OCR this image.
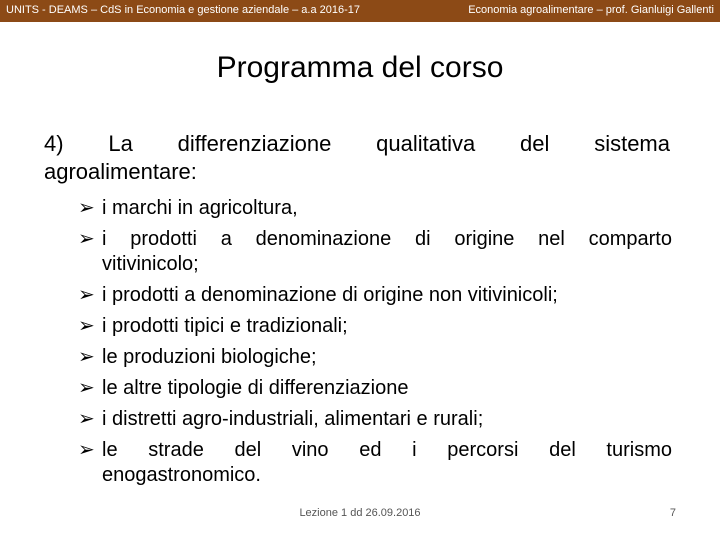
UNITS - DEAMS – CdS in Economia e gestione aziendale – a.a 2016-17	Economia agroalimentare – prof. Gianluigi Gallenti
Programma del corso
4) La differenziazione qualitativa del sistema
agroalimentare:
➢ i marchi in agricoltura,
➢ i prodotti a denominazione di origine nel comparto
vitivinicolo;
➢ i prodotti a denominazione di origine non vitivinicoli;
➢ i prodotti tipici e tradizionali;
➢ le produzioni biologiche;
➢ le altre tipologie di differenziazione
➢ i distretti agro-industriali, alimentari e rurali;
➢ le strade del vino ed i percorsi del turismo
enogastronomico.
Lezione 1 dd 26.09.2016	7
